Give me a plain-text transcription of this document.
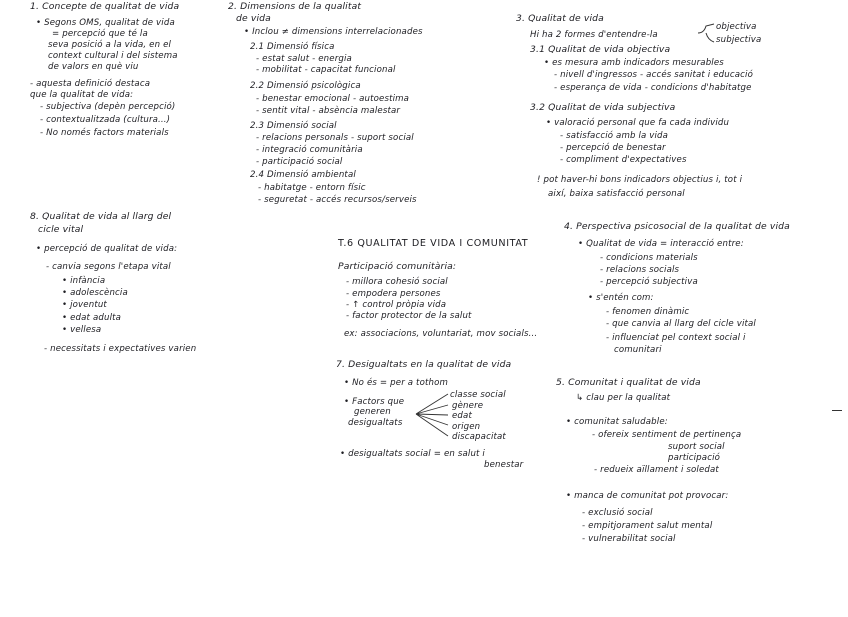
1. Concepte de qualitat de vida
• Segons OMS, qualitat de vida
= percepció que té la
seva posició a la vida, en el
context cultural i del sistema
de valors en què viu
- aquesta definició destaca
que la qualitat de vida:
- subjectiva (depèn percepció)
- contextualitzada (cultura...)
- No només factors materials
2. Dimensions de la qualitat
de vida
• Inclou ≠ dimensions interrelacionades
2.1 Dimensió física
- estat salut - energia
- mobilitat - capacitat funcional
2.2 Dimensió psicològica
- benestar emocional - autoestima
- sentit vital - absència malestar
2.3 Dimensió social
- relacions personals - suport social
- integració comunitària
- participació social
2.4 Dimensió ambiental
- habitatge - entorn físic
- seguretat - accés recursos/serveis
3. Qualitat de vida
Hi ha 2 formes d'entendre-la
objectiva
subjectiva
3.1 Qualitat de vida objectiva
• es mesura amb indicadors mesurables
- nivell d'ingressos - accés sanitat i educació
- esperança de vida - condicions d'habitatge
3.2 Qualitat de vida subjectiva
• valoració personal que fa cada individu
- satisfacció amb la vida
- percepció de benestar
- compliment d'expectatives
! pot haver-hi bons indicadors objectius i, tot i
així, baixa satisfacció personal
4. Perspectiva psicosocial de la qualitat de vida
• Qualitat de vida = interacció entre:
- condicions materials
- relacions socials
- percepció subjectiva
• s'entén com:
- fenomen dinàmic
- que canvia al llarg del cicle vital
- influenciat pel context social i
comunitari
5. Comunitat i qualitat de vida
↳ clau per la qualitat
• comunitat saludable:
- ofereix sentiment de pertinença
suport social
participació
- redueix aïllament i soledat
• manca de comunitat pot provocar:
- exclusió social
- empitjorament salut mental
- vulnerabilitat social
T.6 QUALITAT DE VIDA I COMUNITAT
Participació comunitària:
- millora cohesió social
- empodera persones
- ↑ control pròpia vida
- factor protector de la salut
ex: associacions, voluntariat, mov socials...
7. Desigualtats en la qualitat de vida
• No és = per a tothom
• Factors que
generen
desigualtats
classe social
gènere
edat
origen
discapacitat
• desigualtats social = en salut i
benestar
8. Qualitat de vida al llarg del
cicle vital
• percepció de qualitat de vida:
- canvia segons l'etapa vital
• infància
• adolescència
• joventut
• edat adulta
• vellesa
- necessitats i expectatives varien
